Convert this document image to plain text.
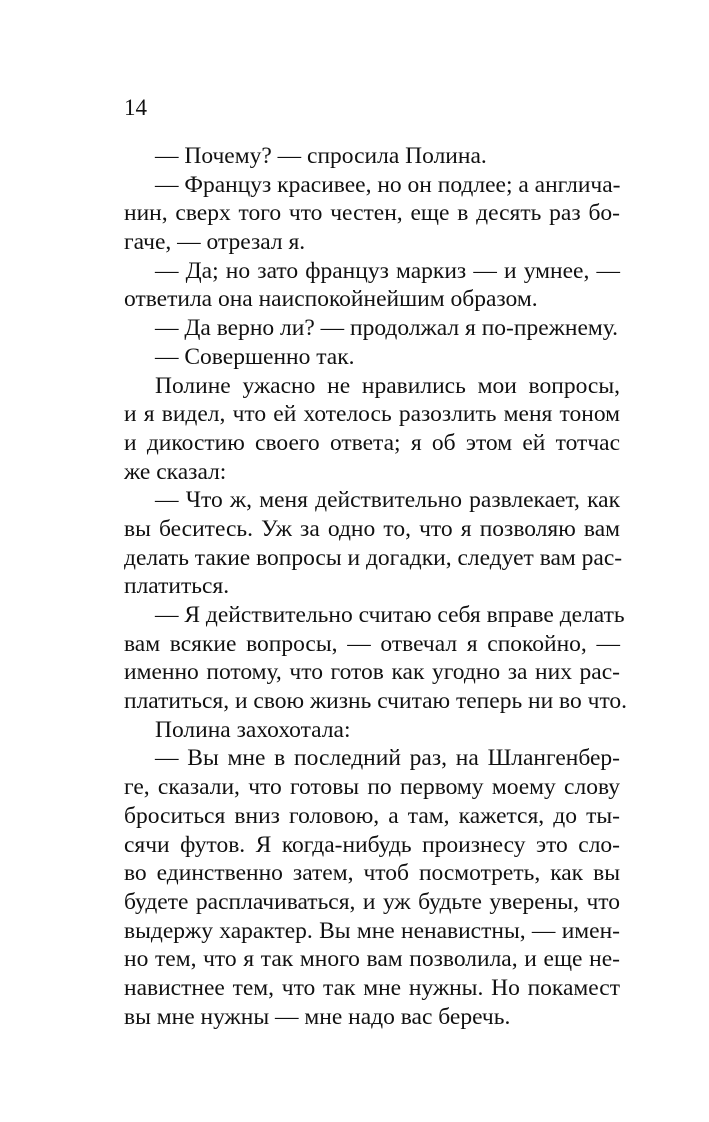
14
— Почему? — спросила Полина.
— Француз красивее, но он подлее; а англича-
нин, сверх того что честен, еще в десять раз бо-
гаче, — отрезал я.
— Да; но зато француз маркиз — и умнее, —
ответила она наиспокойнейшим образом.
— Да верно ли? — продолжал я по-прежнему.
— Совершенно так.
Полине ужасно не нравились мои вопросы,
и я видел, что ей хотелось разозлить меня тоном
и дикостию своего ответа; я об этом ей тотчас
же сказал:
— Что ж, меня действительно развлекает, как
вы беситесь. Уж за одно то, что я позволяю вам
делать такие вопросы и догадки, следует вам рас-
платиться.
— Я действительно считаю себя вправе делать
вам всякие вопросы, — отвечал я спокойно, —
именно потому, что готов как угодно за них рас-
платиться, и свою жизнь считаю теперь ни во что.
Полина захохотала:
— Вы мне в последний раз, на Шлангенбер-
ге, сказали, что готовы по первому моему слову
броситься вниз головою, а там, кажется, до ты-
сячи футов. Я когда-нибудь произнесу это сло-
во единственно затем, чтоб посмотреть, как вы
будете расплачиваться, и уж будьте уверены, что
выдержу характер. Вы мне ненавистны, — имен-
но тем, что я так много вам позволила, и еще не-
навистнее тем, что так мне нужны. Но покамест
вы мне нужны — мне надо вас беречь.
